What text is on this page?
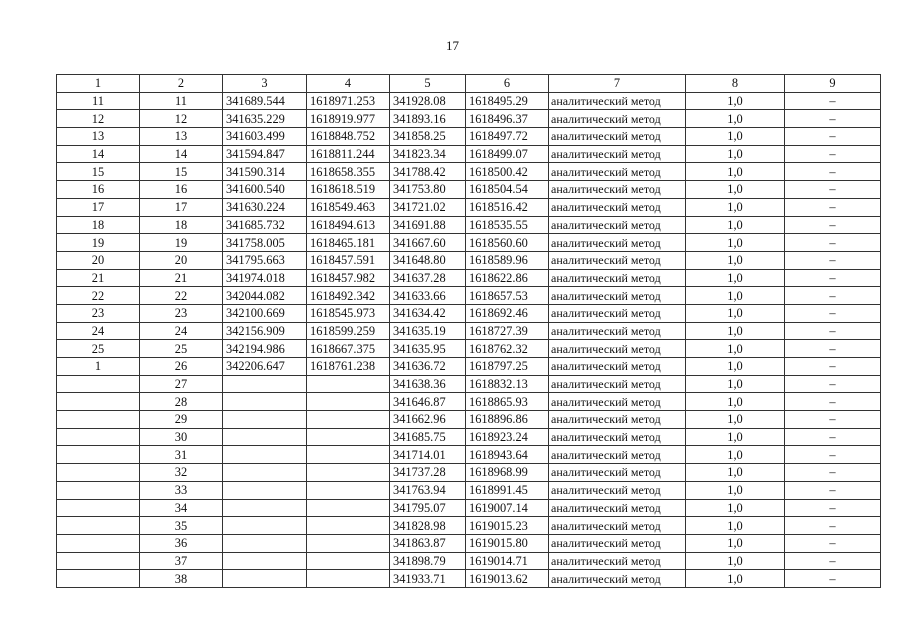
17
1	2	3	4	5	6	7	8	9
11	11	341689.544	1618971.253	341928.08	1618495.29	аналитический метод	1,0	–
12	12	341635.229	1618919.977	341893.16	1618496.37	аналитический метод	1,0	–
13	13	341603.499	1618848.752	341858.25	1618497.72	аналитический метод	1,0	–
14	14	341594.847	1618811.244	341823.34	1618499.07	аналитический метод	1,0	–
15	15	341590.314	1618658.355	341788.42	1618500.42	аналитический метод	1,0	–
16	16	341600.540	1618618.519	341753.80	1618504.54	аналитический метод	1,0	–
17	17	341630.224	1618549.463	341721.02	1618516.42	аналитический метод	1,0	–
18	18	341685.732	1618494.613	341691.88	1618535.55	аналитический метод	1,0	–
19	19	341758.005	1618465.181	341667.60	1618560.60	аналитический метод	1,0	–
20	20	341795.663	1618457.591	341648.80	1618589.96	аналитический метод	1,0	–
21	21	341974.018	1618457.982	341637.28	1618622.86	аналитический метод	1,0	–
22	22	342044.082	1618492.342	341633.66	1618657.53	аналитический метод	1,0	–
23	23	342100.669	1618545.973	341634.42	1618692.46	аналитический метод	1,0	–
24	24	342156.909	1618599.259	341635.19	1618727.39	аналитический метод	1,0	–
25	25	342194.986	1618667.375	341635.95	1618762.32	аналитический метод	1,0	–
1	26	342206.647	1618761.238	341636.72	1618797.25	аналитический метод	1,0	–
	27			341638.36	1618832.13	аналитический метод	1,0	–
	28			341646.87	1618865.93	аналитический метод	1,0	–
	29			341662.96	1618896.86	аналитический метод	1,0	–
	30			341685.75	1618923.24	аналитический метод	1,0	–
	31			341714.01	1618943.64	аналитический метод	1,0	–
	32			341737.28	1618968.99	аналитический метод	1,0	–
	33			341763.94	1618991.45	аналитический метод	1,0	–
	34			341795.07	1619007.14	аналитический метод	1,0	–
	35			341828.98	1619015.23	аналитический метод	1,0	–
	36			341863.87	1619015.80	аналитический метод	1,0	–
	37			341898.79	1619014.71	аналитический метод	1,0	–
	38			341933.71	1619013.62	аналитический метод	1,0	–
